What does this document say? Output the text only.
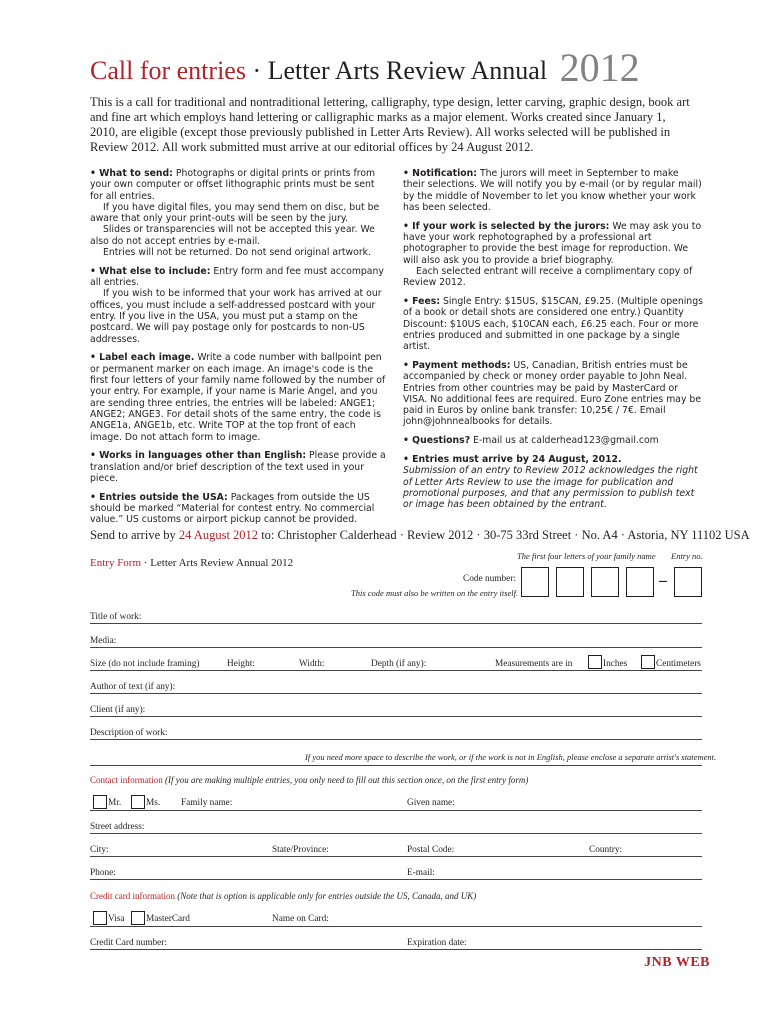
Call for entries · Letter Arts Review Annual 2012
This is a call for traditional and nontraditional lettering, calligraphy, type design, letter carving, graphic design, book art and fine art which employs hand lettering or calligraphic marks as a major element. Works created since January 1, 2010, are eligible (except those previously published in Letter Arts Review). All works selected will be published in Review 2012. All work submitted must arrive at our editorial offices by 24 August 2012.

• What to send: Photographs or digital prints or prints from your own computer or offset lithographic prints must be sent for all entries.
If you have digital files, you may send them on disc, but be aware that only your print-outs will be seen by the jury.
Slides or transparencies will not be accepted this year. We also do not accept entries by e-mail.
Entries will not be returned. Do not send original artwork.

• What else to include: Entry form and fee must accompany all entries.
If you wish to be informed that your work has arrived at our offices, you must include a self-addressed postcard with your entry. If you live in the USA, you must put a stamp on the postcard. We will pay postage only for postcards to non-US addresses.

• Label each image. Write a code number with ballpoint pen or permanent marker on each image. An image's code is the first four letters of your family name followed by the number of your entry. For example, if your name is Marie Angel, and you are sending three entries, the entries will be labeled: ANGE1; ANGE2; ANGE3. For detail shots of the same entry, the code is ANGE1a, ANGE1b, etc. Write TOP at the top front of each image. Do not attach form to image.

• Works in languages other than English: Please provide a translation and/or brief description of the text used in your piece.

• Entries outside the USA: Packages from outside the US should be marked “Material for contest entry. No commercial value.” US customs or airport pickup cannot be provided.

• Notification: The jurors will meet in September to make their selections. We will notify you by e-mail (or by regular mail) by the middle of November to let you know whether your work has been selected.

• If your work is selected by the jurors: We may ask you to have your work rephotographed by a professional art photographer to provide the best image for reproduction. We will also ask you to provide a brief biography.
Each selected entrant will receive a complimentary copy of Review 2012.

• Fees: Single Entry: $15US, $15CAN, £9.25. (Multiple openings of a book or detail shots are considered one entry.) Quantity Discount: $10US each, $10CAN each, £6.25 each. Four or more entries produced and submitted in one package by a single artist.

• Payment methods: US, Canadian, British entries must be accompanied by check or money order payable to John Neal. Entries from other countries may be paid by MasterCard or VISA. No additional fees are required. Euro Zone entries may be paid in Euros by online bank transfer: 10,25€ / 7€. Email john@johnnealbooks for details.

• Questions? E-mail us at calderhead123@gmail.com

• Entries must arrive by 24 August, 2012.
Submission of an entry to Review 2012 acknowledges the right of Letter Arts Review to use the image for publication and promotional purposes, and that any permission to publish text or image has been obtained by the entrant.

Send to arrive by 24 August 2012 to: Christopher Calderhead · Review 2012 · 30-75 33rd Street · No. A4 · Astoria, NY 11102 USA
Entry Form · Letter Arts Review Annual 2012
The first four letters of your family name Entry no.
Code number:
This code must also be written on the entry itself.
–
Title of work:
Media:
Size (do not include framing)	Height:	Width:	Depth (if any):	Measurements are in	Inches	Centimeters
Author of text (if any):
Client (if any):
Description of work:
If you need more space to describe the work, or if the work is not in English, please enclose a separate artist's statement.
Contact information (If you are making multiple entries, you only need to fill out this section once, on the first entry form)
Mr.	Ms. Family name:	Given name:
Street address:
City:	State/Province:	Postal Code:	Country:
Phone:	E-mail:
Credit card information (Note that is option is applicable only for entries outside the US, Canada, and UK)
Visa MasterCard	Name on Card:
Credit Card number:	Expiration date:
JNB WEB
